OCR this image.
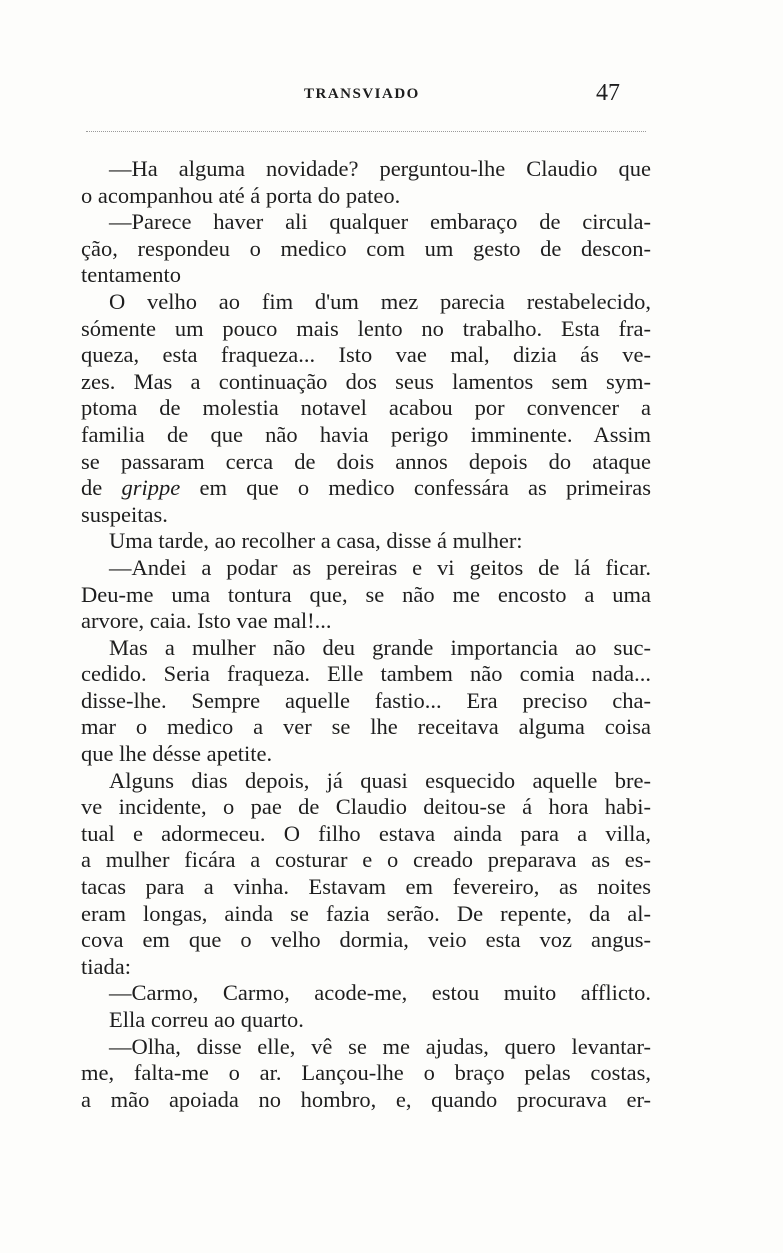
TRANSVIADO	47
—Ha alguma novidade? perguntou-lhe Claudio que
o acompanhou até á porta do pateo.
—Parece haver ali qualquer embaraço de circula-
ção, respondeu o medico com um gesto de descon-
tentamento
O velho ao fim d'um mez parecia restabelecido,
sómente um pouco mais lento no trabalho. Esta fra-
queza, esta fraqueza... Isto vae mal, dizia ás ve-
zes. Mas a continuação dos seus lamentos sem sym-
ptoma de molestia notavel acabou por convencer a
familia de que não havia perigo imminente. Assim
se passaram cerca de dois annos depois do ataque
de grippe em que o medico confessára as primeiras
suspeitas.
Uma tarde, ao recolher a casa, disse á mulher:
—Andei a podar as pereiras e vi geitos de lá ficar.
Deu-me uma tontura que, se não me encosto a uma
arvore, caia. Isto vae mal!...
Mas a mulher não deu grande importancia ao suc-
cedido. Seria fraqueza. Elle tambem não comia nada...
disse-lhe. Sempre aquelle fastio... Era preciso cha-
mar o medico a ver se lhe receitava alguma coisa
que lhe désse apetite.
Alguns dias depois, já quasi esquecido aquelle bre-
ve incidente, o pae de Claudio deitou-se á hora habi-
tual e adormeceu. O filho estava ainda para a villa,
a mulher ficára a costurar e o creado preparava as es-
tacas para a vinha. Estavam em fevereiro, as noites
eram longas, ainda se fazia serão. De repente, da al-
cova em que o velho dormia, veio esta voz angus-
tiada:
—Carmo, Carmo, acode-me, estou muito afflicto.
Ella correu ao quarto.
—Olha, disse elle, vê se me ajudas, quero levantar-
me, falta-me o ar. Lançou-lhe o braço pelas costas,
a mão apoiada no hombro, e, quando procurava er-
